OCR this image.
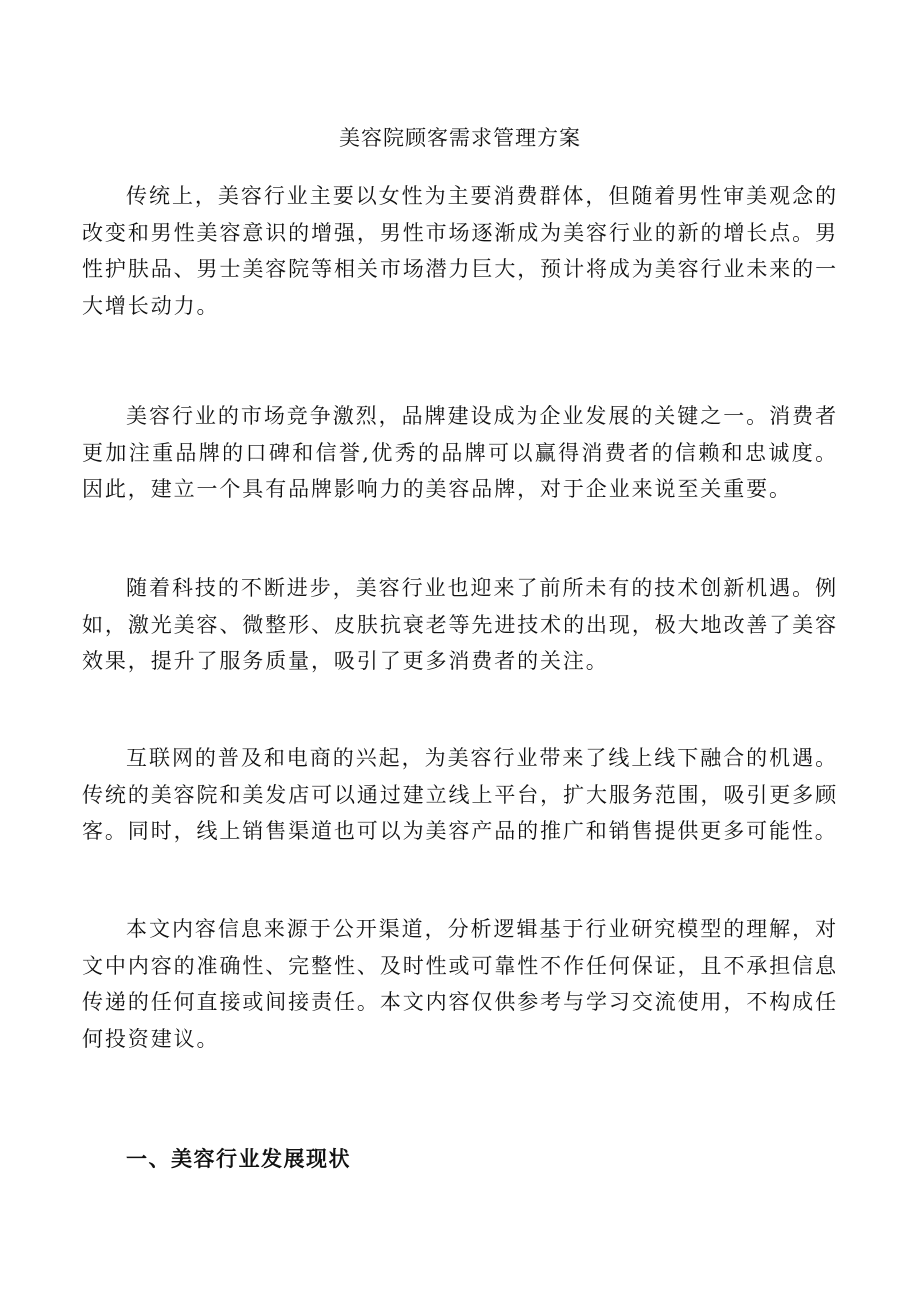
美容院顾客需求管理方案

传统上，美容行业主要以女性为主要消费群体，但随着男性审美观念的改变和男性美容意识的增强，男性市场逐渐成为美容行业的新的增长点。男性护肤品、男士美容院等相关市场潜力巨大，预计将成为美容行业未来的一大增长动力。

美容行业的市场竞争激烈，品牌建设成为企业发展的关键之一。消费者更加注重品牌的口碑和信誉,优秀的品牌可以赢得消费者的信赖和忠诚度。因此，建立一个具有品牌影响力的美容品牌，对于企业来说至关重要。

随着科技的不断进步，美容行业也迎来了前所未有的技术创新机遇。例如，激光美容、微整形、皮肤抗衰老等先进技术的出现，极大地改善了美容效果，提升了服务质量，吸引了更多消费者的关注。

互联网的普及和电商的兴起，为美容行业带来了线上线下融合的机遇。传统的美容院和美发店可以通过建立线上平台，扩大服务范围，吸引更多顾客。同时，线上销售渠道也可以为美容产品的推广和销售提供更多可能性。

本文内容信息来源于公开渠道，分析逻辑基于行业研究模型的理解，对文中内容的准确性、完整性、及时性或可靠性不作任何保证，且不承担信息传递的任何直接或间接责任。本文内容仅供参考与学习交流使用，不构成任何投资建议。

一、美容行业发展现状
